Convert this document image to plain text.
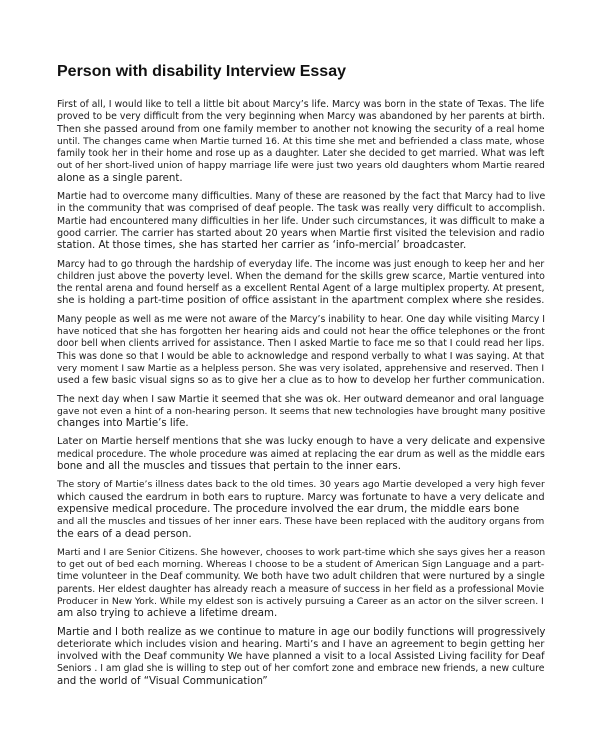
Person with disability Interview Essay

First of all, I would like to tell a little bit about Marcy’s life. Marcy was born in the state of Texas. The life
proved to be very difficult from the very beginning when Marcy was abandoned by her parents at birth.
Then she passed around from one family member to another not knowing the security of a real home
until. The changes came when Martie turned 16. At this time she met and befriended a class mate, whose
family took her in their home and rose up as a daughter. Later she decided to get married. What was left
out of her short-lived union of happy marriage life were just two years old daughters whom Martie reared
alone as a single parent.

Martie had to overcome many difficulties. Many of these are reasoned by the fact that Marcy had to live
in the community that was comprised of deaf people. The task was really very difficult to accomplish.
Martie had encountered many difficulties in her life. Under such circumstances, it was difficult to make a
good carrier. The carrier has started about 20 years when Martie first visited the television and radio
station. At those times, she has started her carrier as ‘info-mercial’ broadcaster.

Marcy had to go through the hardship of everyday life. The income was just enough to keep her and her
children just above the poverty level. When the demand for the skills grew scarce, Martie ventured into
the rental arena and found herself as a excellent Rental Agent of a large multiplex property. At present,
she is holding a part-time position of office assistant in the apartment complex where she resides.

Many people as well as me were not aware of the Marcy’s inability to hear. One day while visiting Marcy I
have noticed that she has forgotten her hearing aids and could not hear the office telephones or the front
door bell when clients arrived for assistance. Then I asked Martie to face me so that I could read her lips.
This was done so that I would be able to acknowledge and respond verbally to what I was saying. At that
very moment I saw Martie as a helpless person. She was very isolated, apprehensive and reserved. Then I
used a few basic visual signs so as to give her a clue as to how to develop her further communication.

The next day when I saw Martie it seemed that she was ok. Her outward demeanor and oral language
gave not even a hint of a non-hearing person. It seems that new technologies have brought many positive
changes into Martie’s life.

Later on Martie herself mentions that she was lucky enough to have a very delicate and expensive
medical procedure. The whole procedure was aimed at replacing the ear drum as well as the middle ears
bone and all the muscles and tissues that pertain to the inner ears.

The story of Martie’s illness dates back to the old times. 30 years ago Martie developed a very high fever
which caused the eardrum in both ears to rupture. Marcy was fortunate to have a very delicate and
expensive medical procedure. The procedure involved the ear drum, the middle ears bone
and all the muscles and tissues of her inner ears. These have been replaced with the auditory organs from
the ears of a dead person.

Marti and I are Senior Citizens. She however, chooses to work part-time which she says gives her a reason
to get out of bed each morning. Whereas I choose to be a student of American Sign Language and a part-
time volunteer in the Deaf community. We both have two adult children that were nurtured by a single
parents. Her eldest daughter has already reach a measure of success in her field as a professional Movie
Producer in New York. While my eldest son is actively pursuing a Career as an actor on the silver screen. I
am also trying to achieve a lifetime dream.

Martie and I both realize as we continue to mature in age our bodily functions will progressively
deteriorate which includes vision and hearing. Marti’s and I have an agreement to begin getting her
involved with the Deaf community We have planned a visit to a local Assisted Living facility for Deaf
Seniors . I am glad she is willing to step out of her comfort zone and embrace new friends, a new culture
and the world of “Visual Communication”
